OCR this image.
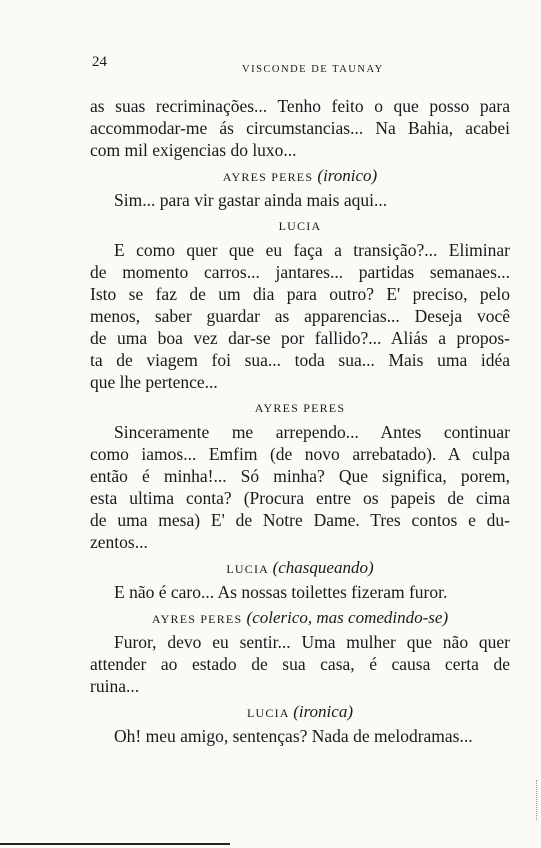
24	VISCONDE DE TAUNAY
as suas recriminações... Tenho feito o que posso para
accommodar-me ás circumstancias... Na Bahia, acabei
com mil exigencias do luxo...
AYRES PERES (ironico)
Sim... para vir gastar ainda mais aqui...
LUCIA
E como quer que eu faça a transição?... Eliminar
de momento carros... jantares... partidas semanaes...
Isto se faz de um dia para outro? E' preciso, pelo
menos, saber guardar as apparencias... Deseja você
de uma boa vez dar-se por fallido?... Aliás a propos-
ta de viagem foi sua... toda sua... Mais uma idéa
que lhe pertence...
AYRES PERES
Sinceramente me arrependo... Antes continuar
como iamos... Emfim (de novo arrebatado). A culpa
então é minha!... Só minha? Que significa, porem,
esta ultima conta? (Procura entre os papeis de cima
de uma mesa) E' de Notre Dame. Tres contos e du-
zentos...
LUCIA (chasqueando)
E não é caro... As nossas toilettes fizeram furor.
AYRES PERES (colerico, mas comedindo-se)
Furor, devo eu sentir... Uma mulher que não quer
attender ao estado de sua casa, é causa certa de
ruina...
LUCIA (ironica)
Oh! meu amigo, sentenças? Nada de melodramas...
